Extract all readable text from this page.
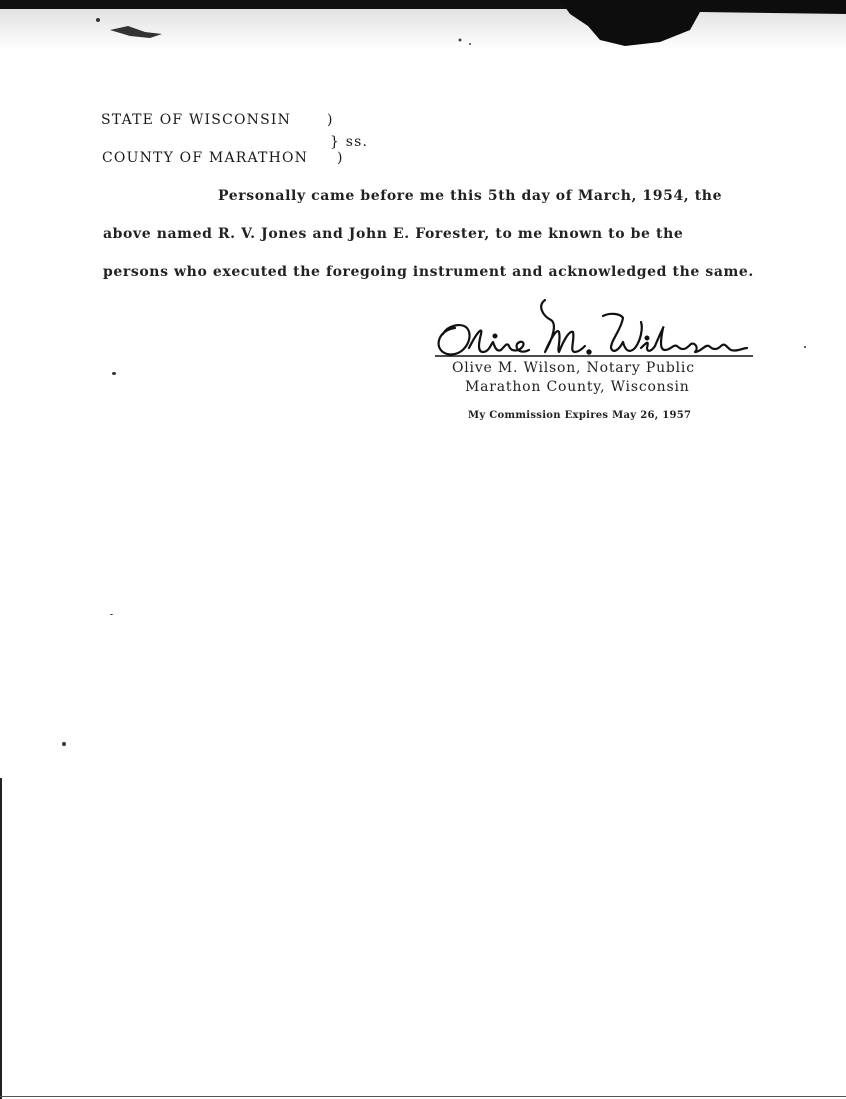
STATE OF WISCONSIN	)
} ss.
COUNTY OF MARATHON )
Personally came before me this 5th day of March, 1954, the
above named R. V. Jones and John E. Forester, to me known to be the
persons who executed the foregoing instrument and acknowledged the same.
Olive M. Wilson, Notary Public
Marathon County, Wisconsin
My Commission Expires May 26, 1957
